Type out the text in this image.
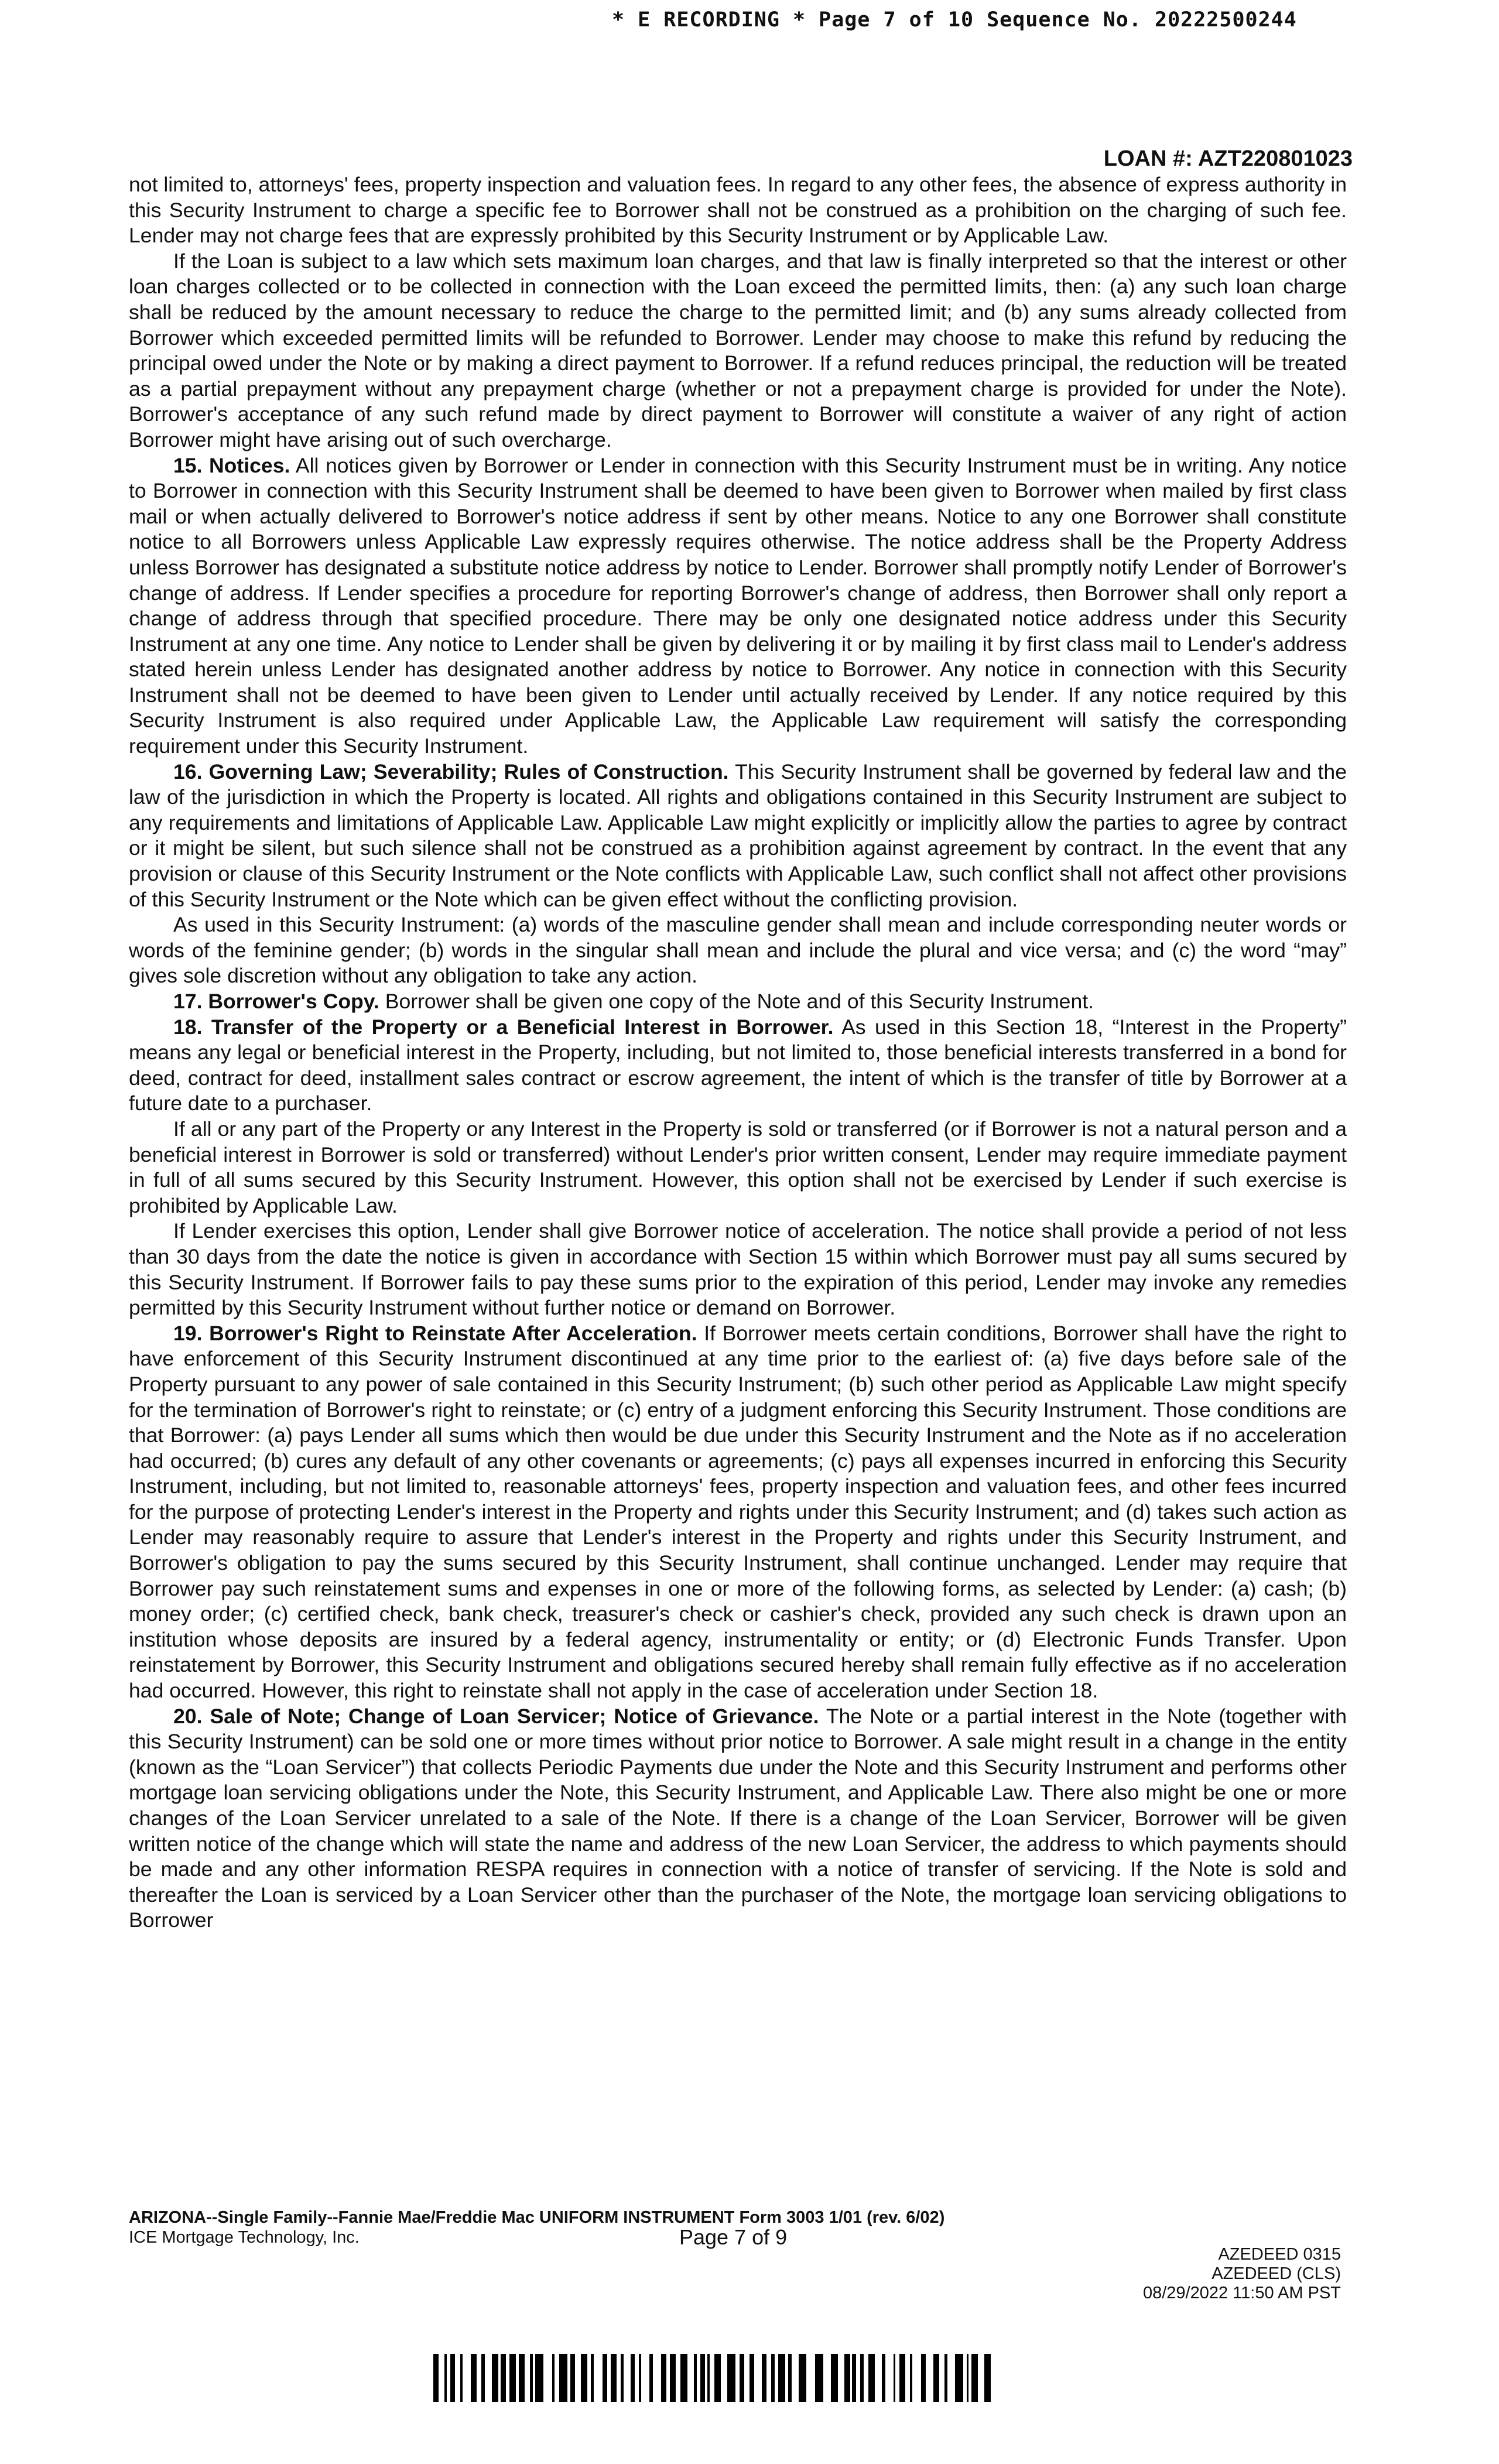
* E RECORDING * Page 7 of 10 Sequence No. 20222500244
LOAN #: AZT220801023

not limited to, attorneys' fees, property inspection and valuation fees. In regard to any other fees, the absence of express authority in this Security Instrument to charge a specific fee to Borrower shall not be construed as a prohibition on the charging of such fee. Lender may not charge fees that are expressly prohibited by this Security Instrument or by Applicable Law.

If the Loan is subject to a law which sets maximum loan charges, and that law is finally interpreted so that the interest or other loan charges collected or to be collected in connection with the Loan exceed the permitted limits, then: (a) any such loan charge shall be reduced by the amount necessary to reduce the charge to the permitted limit; and (b) any sums already collected from Borrower which exceeded permitted limits will be refunded to Borrower. Lender may choose to make this refund by reducing the principal owed under the Note or by making a direct payment to Borrower. If a refund reduces principal, the reduction will be treated as a partial prepayment without any prepayment charge (whether or not a prepayment charge is provided for under the Note). Borrower's acceptance of any such refund made by direct payment to Borrower will constitute a waiver of any right of action Borrower might have arising out of such overcharge.

15. Notices. All notices given by Borrower or Lender in connection with this Security Instrument must be in writing. Any notice to Borrower in connection with this Security Instrument shall be deemed to have been given to Borrower when mailed by first class mail or when actually delivered to Borrower's notice address if sent by other means. Notice to any one Borrower shall constitute notice to all Borrowers unless Applicable Law expressly requires otherwise. The notice address shall be the Property Address unless Borrower has designated a substitute notice address by notice to Lender. Borrower shall promptly notify Lender of Borrower's change of address. If Lender specifies a procedure for reporting Borrower's change of address, then Borrower shall only report a change of address through that specified procedure. There may be only one designated notice address under this Security Instrument at any one time. Any notice to Lender shall be given by delivering it or by mailing it by first class mail to Lender's address stated herein unless Lender has designated another address by notice to Borrower. Any notice in connection with this Security Instrument shall not be deemed to have been given to Lender until actually received by Lender. If any notice required by this Security Instrument is also required under Applicable Law, the Applicable Law requirement will satisfy the corresponding requirement under this Security Instrument.

16. Governing Law; Severability; Rules of Construction. This Security Instrument shall be governed by federal law and the law of the jurisdiction in which the Property is located. All rights and obligations contained in this Security Instrument are subject to any requirements and limitations of Applicable Law. Applicable Law might explicitly or implicitly allow the parties to agree by contract or it might be silent, but such silence shall not be construed as a prohibition against agreement by contract. In the event that any provision or clause of this Security Instrument or the Note conflicts with Applicable Law, such conflict shall not affect other provisions of this Security Instrument or the Note which can be given effect without the conflicting provision.

As used in this Security Instrument: (a) words of the masculine gender shall mean and include corresponding neuter words or words of the feminine gender; (b) words in the singular shall mean and include the plural and vice versa; and (c) the word “may” gives sole discretion without any obligation to take any action.

17. Borrower's Copy. Borrower shall be given one copy of the Note and of this Security Instrument.

18. Transfer of the Property or a Beneficial Interest in Borrower. As used in this Section 18, “Interest in the Property” means any legal or beneficial interest in the Property, including, but not limited to, those beneficial interests transferred in a bond for deed, contract for deed, installment sales contract or escrow agreement, the intent of which is the transfer of title by Borrower at a future date to a purchaser.

If all or any part of the Property or any Interest in the Property is sold or transferred (or if Borrower is not a natural person and a beneficial interest in Borrower is sold or transferred) without Lender's prior written consent, Lender may require immediate payment in full of all sums secured by this Security Instrument. However, this option shall not be exercised by Lender if such exercise is prohibited by Applicable Law.

If Lender exercises this option, Lender shall give Borrower notice of acceleration. The notice shall provide a period of not less than 30 days from the date the notice is given in accordance with Section 15 within which Borrower must pay all sums secured by this Security Instrument. If Borrower fails to pay these sums prior to the expiration of this period, Lender may invoke any remedies permitted by this Security Instrument without further notice or demand on Borrower.

19. Borrower's Right to Reinstate After Acceleration. If Borrower meets certain conditions, Borrower shall have the right to have enforcement of this Security Instrument discontinued at any time prior to the earliest of: (a) five days before sale of the Property pursuant to any power of sale contained in this Security Instrument; (b) such other period as Applicable Law might specify for the termination of Borrower's right to reinstate; or (c) entry of a judgment enforcing this Security Instrument. Those conditions are that Borrower: (a) pays Lender all sums which then would be due under this Security Instrument and the Note as if no acceleration had occurred; (b) cures any default of any other covenants or agreements; (c) pays all expenses incurred in enforcing this Security Instrument, including, but not limited to, reasonable attorneys' fees, property inspection and valuation fees, and other fees incurred for the purpose of protecting Lender's interest in the Property and rights under this Security Instrument; and (d) takes such action as Lender may reasonably require to assure that Lender's interest in the Property and rights under this Security Instrument, and Borrower's obligation to pay the sums secured by this Security Instrument, shall continue unchanged. Lender may require that Borrower pay such reinstatement sums and expenses in one or more of the following forms, as selected by Lender: (a) cash; (b) money order; (c) certified check, bank check, treasurer's check or cashier's check, provided any such check is drawn upon an institution whose deposits are insured by a federal agency, instrumentality or entity; or (d) Electronic Funds Transfer. Upon reinstatement by Borrower, this Security Instrument and obligations secured hereby shall remain fully effective as if no acceleration had occurred. However, this right to reinstate shall not apply in the case of acceleration under Section 18.

20. Sale of Note; Change of Loan Servicer; Notice of Grievance. The Note or a partial interest in the Note (together with this Security Instrument) can be sold one or more times without prior notice to Borrower. A sale might result in a change in the entity (known as the “Loan Servicer”) that collects Periodic Payments due under the Note and this Security Instrument and performs other mortgage loan servicing obligations under the Note, this Security Instrument, and Applicable Law. There also might be one or more changes of the Loan Servicer unrelated to a sale of the Note. If there is a change of the Loan Servicer, Borrower will be given written notice of the change which will state the name and address of the new Loan Servicer, the address to which payments should be made and any other information RESPA requires in connection with a notice of transfer of servicing. If the Note is sold and thereafter the Loan is serviced by a Loan Servicer other than the purchaser of the Note, the mortgage loan servicing obligations to Borrower

ARIZONA--Single Family--Fannie Mae/Freddie Mac UNIFORM INSTRUMENT Form 3003 1/01 (rev. 6/02)
ICE Mortgage Technology, Inc.	Page 7 of 9
AZEDEED 0315
AZEDEED (CLS)
08/29/2022 11:50 AM PST
